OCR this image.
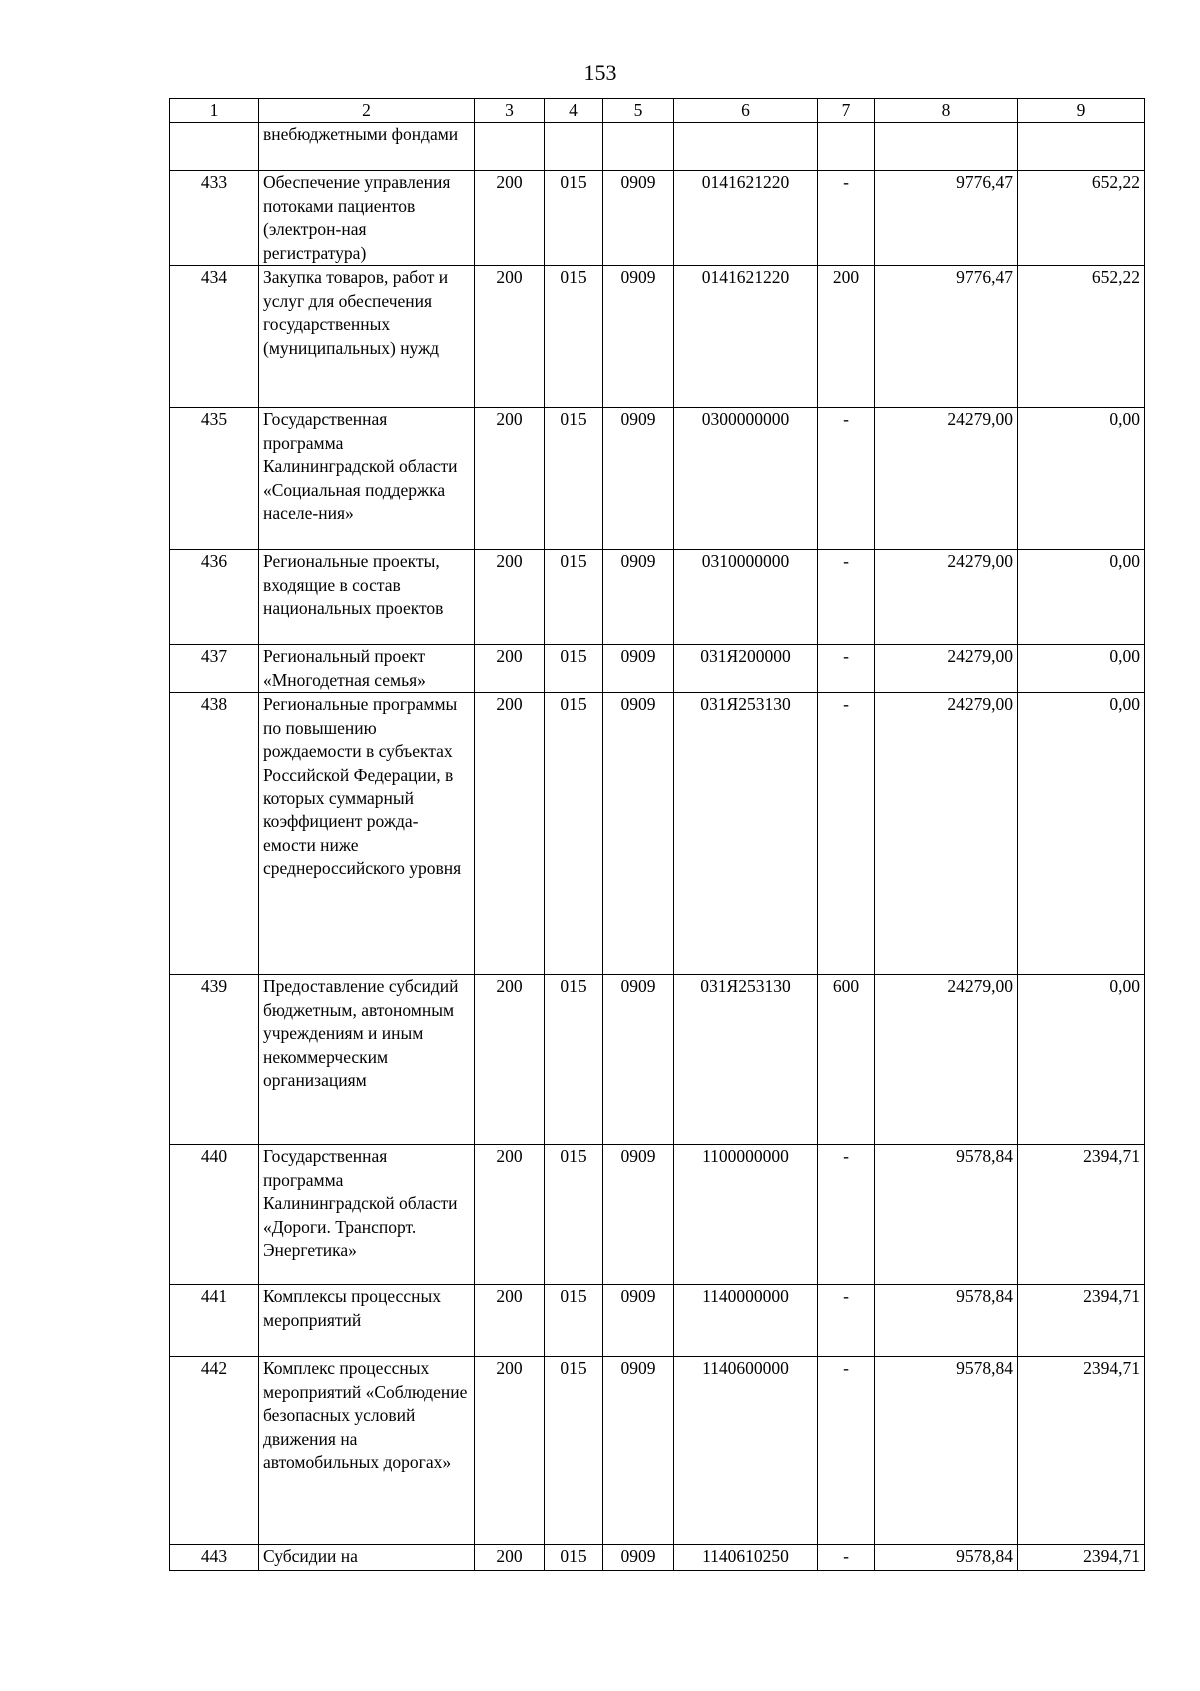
153
1	2	3	4	5	6	7	8	9
	внебюджетными фондами							
433	Обеспечение управления потоками пациентов (электрон-ная регистратура)	200	015	0909	0141621220	-	9776,47	652,22
434	Закупка товаров, работ и услуг для обеспечения государственных (муниципальных) нужд	200	015	0909	0141621220	200	9776,47	652,22
435	Государственная программа Калининградской области «Социальная поддержка населе-ния»	200	015	0909	0300000000	-	24279,00	0,00
436	Региональные проекты, входящие в состав национальных проектов	200	015	0909	0310000000	-	24279,00	0,00
437	Региональный проект «Многодетная семья»	200	015	0909	031Я200000	-	24279,00	0,00
438	Региональные программы по повышению рождаемости в субъектах Российской Федерации, в которых суммарный коэффициент рожда-емости ниже среднероссийского уровня	200	015	0909	031Я253130	-	24279,00	0,00
439	Предоставление субсидий бюджетным, автономным учреждениям и иным некоммерческим организациям	200	015	0909	031Я253130	600	24279,00	0,00
440	Государственная программа Калининградской области «Дороги. Транспорт. Энергетика»	200	015	0909	1100000000	-	9578,84	2394,71
441	Комплексы процессных мероприятий	200	015	0909	1140000000	-	9578,84	2394,71
442	Комплекс процессных мероприятий «Соблюдение безопасных условий движения на автомобильных дорогах»	200	015	0909	1140600000	-	9578,84	2394,71
443	Субсидии на	200	015	0909	1140610250	-	9578,84	2394,71
